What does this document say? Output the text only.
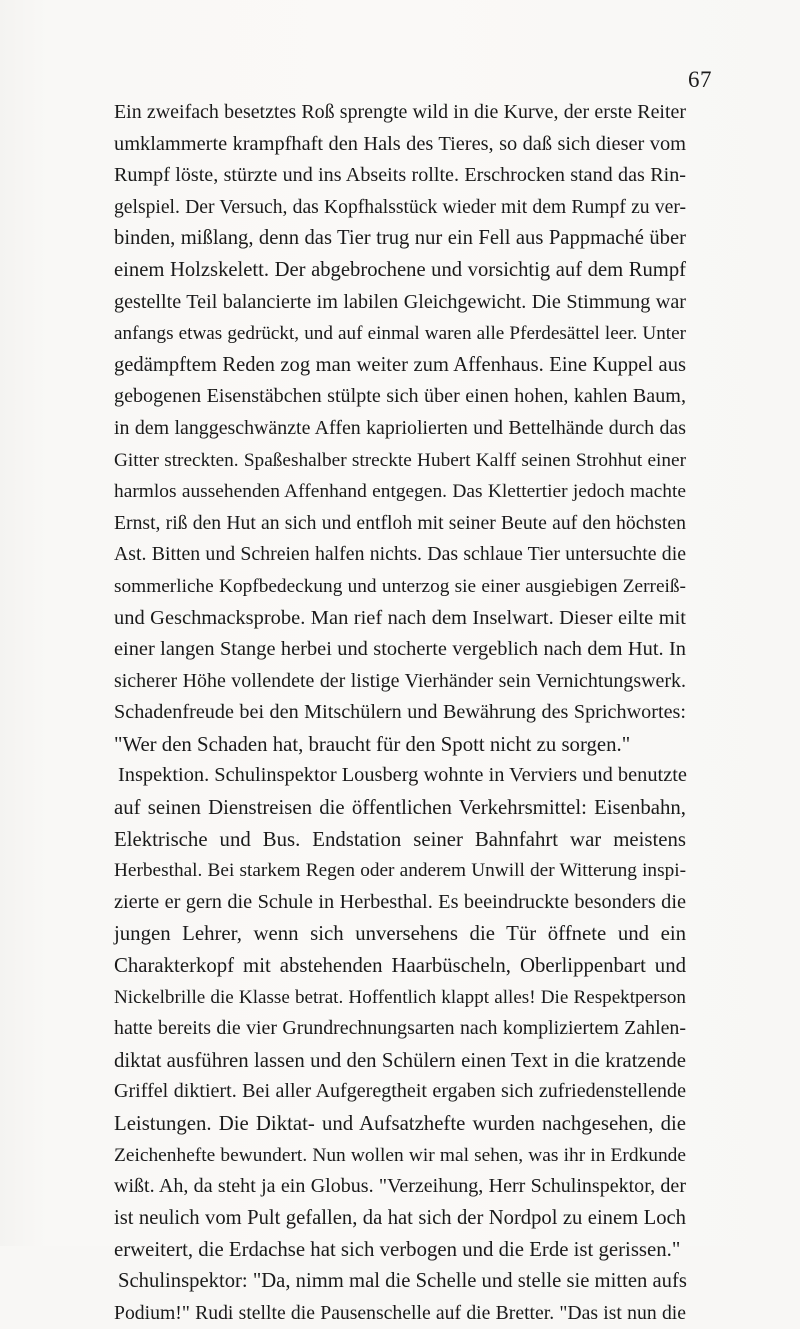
67
Ein zweifach besetztes Roß sprengte wild in die Kurve, der erste Reiter
umklammerte krampfhaft den Hals des Tieres, so daß sich dieser vom
Rumpf löste, stürzte und ins Abseits rollte. Erschrocken stand das Rin-
gelspiel. Der Versuch, das Kopfhalsstück wieder mit dem Rumpf zu ver-
binden, mißlang, denn das Tier trug nur ein Fell aus Pappmaché über
einem Holzskelett. Der abgebrochene und vorsichtig auf dem Rumpf
gestellte Teil balancierte im labilen Gleichgewicht. Die Stimmung war
anfangs etwas gedrückt, und auf einmal waren alle Pferdesättel leer. Unter
gedämpftem Reden zog man weiter zum Affenhaus. Eine Kuppel aus
gebogenen Eisenstäbchen stülpte sich über einen hohen, kahlen Baum,
in dem langgeschwänzte Affen kapriolierten und Bettelhände durch das
Gitter streckten. Spaßeshalber streckte Hubert Kalff seinen Strohhut einer
harmlos aussehenden Affenhand entgegen. Das Klettertier jedoch machte
Ernst, riß den Hut an sich und entfloh mit seiner Beute auf den höchsten
Ast. Bitten und Schreien halfen nichts. Das schlaue Tier untersuchte die
sommerliche Kopfbedeckung und unterzog sie einer ausgiebigen Zerreiß-
und Geschmacksprobe. Man rief nach dem Inselwart. Dieser eilte mit
einer langen Stange herbei und stocherte vergeblich nach dem Hut. In
sicherer Höhe vollendete der listige Vierhänder sein Vernichtungswerk.
Schadenfreude bei den Mitschülern und Bewährung des Sprichwortes:
"Wer den Schaden hat, braucht für den Spott nicht zu sorgen."
Inspektion. Schulinspektor Lousberg wohnte in Verviers und benutzte
auf seinen Dienstreisen die öffentlichen Verkehrsmittel: Eisenbahn,
Elektrische und Bus. Endstation seiner Bahnfahrt war meistens
Herbesthal. Bei starkem Regen oder anderem Unwill der Witterung inspi-
zierte er gern die Schule in Herbesthal. Es beeindruckte besonders die
jungen Lehrer, wenn sich unversehens die Tür öffnete und ein
Charakterkopf mit abstehenden Haarbüscheln, Oberlippenbart und
Nickelbrille die Klasse betrat. Hoffentlich klappt alles! Die Respektperson
hatte bereits die vier Grundrechnungsarten nach kompliziertem Zahlen-
diktat ausführen lassen und den Schülern einen Text in die kratzende
Griffel diktiert. Bei aller Aufgeregtheit ergaben sich zufriedenstellende
Leistungen. Die Diktat- und Aufsatzhefte wurden nachgesehen, die
Zeichenhefte bewundert. Nun wollen wir mal sehen, was ihr in Erdkunde
wißt. Ah, da steht ja ein Globus. "Verzeihung, Herr Schulinspektor, der
ist neulich vom Pult gefallen, da hat sich der Nordpol zu einem Loch
erweitert, die Erdachse hat sich verbogen und die Erde ist gerissen."
Schulinspektor: "Da, nimm mal die Schelle und stelle sie mitten aufs
Podium!" Rudi stellte die Pausenschelle auf die Bretter. "Das ist nun die
